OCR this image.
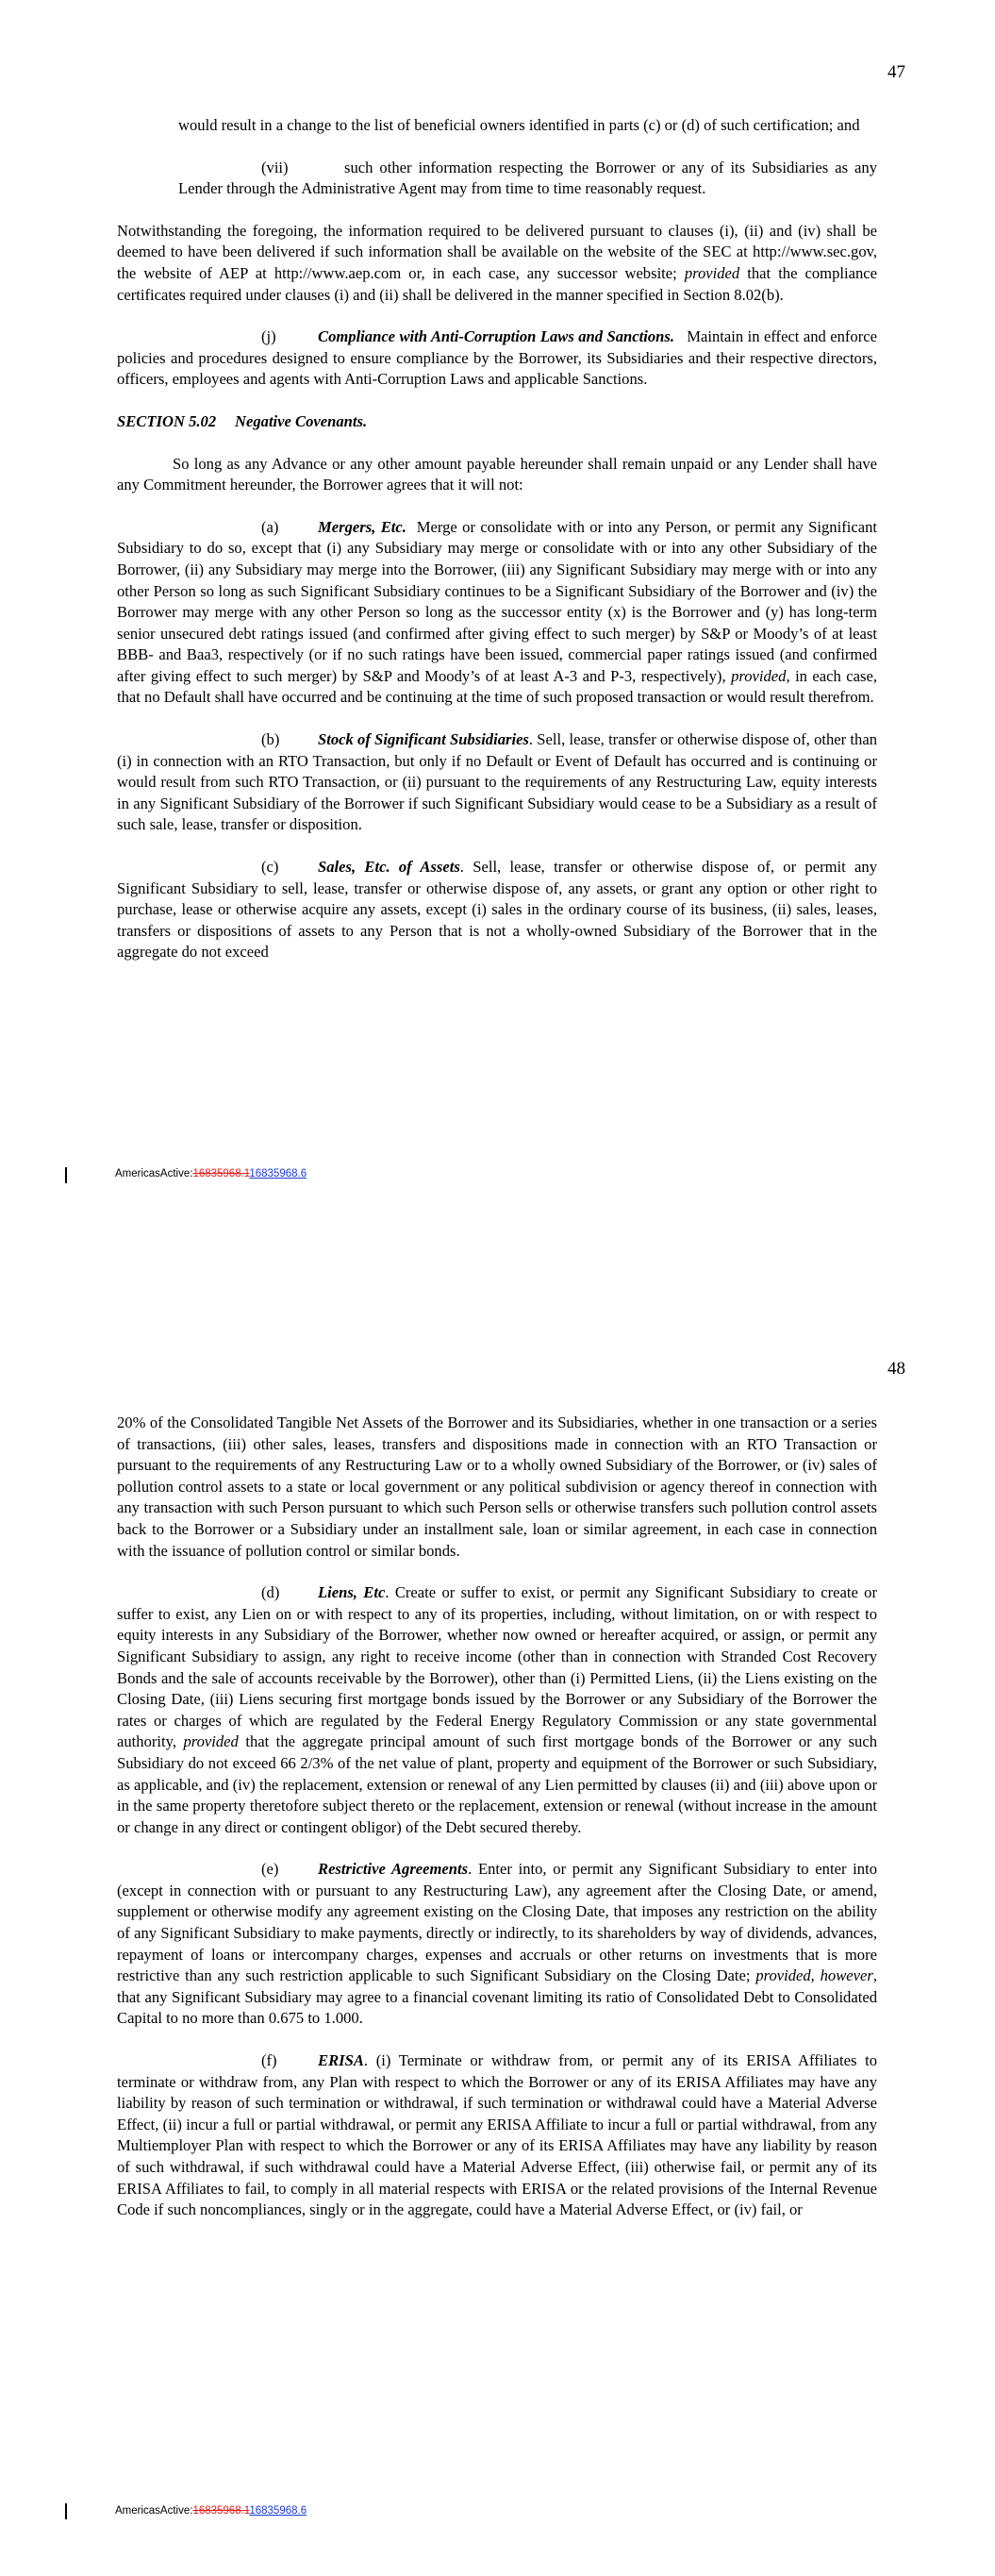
47

would result in a change to the list of beneficial owners identified in parts (c) or (d) of such certification; and

(vii)	such other information respecting the Borrower or any of its Subsidiaries as any Lender through the Administrative Agent may from time to time reasonably request.

Notwithstanding the foregoing, the information required to be delivered pursuant to clauses (i), (ii) and (iv) shall be deemed to have been delivered if such information shall be available on the website of the SEC at http://www.sec.gov, the website of AEP at http://www.aep.com or, in each case, any successor website; provided that the compliance certificates required under clauses (i) and (ii) shall be delivered in the manner specified in Section 8.02(b).

(j)	Compliance with Anti-Corruption Laws and Sanctions. Maintain in effect and enforce policies and procedures designed to ensure compliance by the Borrower, its Subsidiaries and their respective directors, officers, employees and agents with Anti-Corruption Laws and applicable Sanctions.

SECTION 5.02 Negative Covenants.

So long as any Advance or any other amount payable hereunder shall remain unpaid or any Lender shall have any Commitment hereunder, the Borrower agrees that it will not:

(a)	Mergers, Etc. Merge or consolidate with or into any Person, or permit any Significant Subsidiary to do so, except that (i) any Subsidiary may merge or consolidate with or into any other Subsidiary of the Borrower, (ii) any Subsidiary may merge into the Borrower, (iii) any Significant Subsidiary may merge with or into any other Person so long as such Significant Subsidiary continues to be a Significant Subsidiary of the Borrower and (iv) the Borrower may merge with any other Person so long as the successor entity (x) is the Borrower and (y) has long-term senior unsecured debt ratings issued (and confirmed after giving effect to such merger) by S&P or Moody’s of at least BBB- and Baa3, respectively (or if no such ratings have been issued, commercial paper ratings issued (and confirmed after giving effect to such merger) by S&P and Moody’s of at least A-3 and P-3, respectively), provided, in each case, that no Default shall have occurred and be continuing at the time of such proposed transaction or would result therefrom.

(b) Stock of Significant Subsidiaries. Sell, lease, transfer or otherwise dispose of, other than (i) in connection with an RTO Transaction, but only if no Default or Event of Default has occurred and is continuing or would result from such RTO Transaction, or (ii) pursuant to the requirements of any Restructuring Law, equity interests in any Significant Subsidiary of the Borrower if such Significant Subsidiary would cease to be a Subsidiary as a result of such sale, lease, transfer or disposition.

(c)	Sales, Etc. of Assets. Sell, lease, transfer or otherwise dispose of, or permit any Significant Subsidiary to sell, lease, transfer or otherwise dispose of, any assets, or grant any option or other right to purchase, lease or otherwise acquire any assets, except (i) sales in the ordinary course of its business, (ii) sales, leases, transfers or dispositions of assets to any Person that is not a wholly-owned Subsidiary of the Borrower that in the aggregate do not exceed

AmericasActive:16835968.116835968.6
48

20% of the Consolidated Tangible Net Assets of the Borrower and its Subsidiaries, whether in one transaction or a series of transactions, (iii) other sales, leases, transfers and dispositions made in connection with an RTO Transaction or pursuant to the requirements of any Restructuring Law or to a wholly owned Subsidiary of the Borrower, or (iv) sales of pollution control assets to a state or local government or any political subdivision or agency thereof in connection with any transaction with such Person pursuant to which such Person sells or otherwise transfers such pollution control assets back to the Borrower or a Subsidiary under an installment sale, loan or similar agreement, in each case in connection with the issuance of pollution control or similar bonds.

(d) Liens, Etc. Create or suffer to exist, or permit any Significant Subsidiary to create or suffer to exist, any Lien on or with respect to any of its properties, including, without limitation, on or with respect to equity interests in any Subsidiary of the Borrower, whether now owned or hereafter acquired, or assign, or permit any Significant Subsidiary to assign, any right to receive income (other than in connection with Stranded Cost Recovery Bonds and the sale of accounts receivable by the Borrower), other than (i) Permitted Liens, (ii) the Liens existing on the Closing Date, (iii) Liens securing first mortgage bonds issued by the Borrower or any Subsidiary of the Borrower the rates or charges of which are regulated by the Federal Energy Regulatory Commission or any state governmental authority, provided that the aggregate principal amount of such first mortgage bonds of the Borrower or any such Subsidiary do not exceed 66 2/3% of the net value of plant, property and equipment of the Borrower or such Subsidiary, as applicable, and (iv) the replacement, extension or renewal of any Lien permitted by clauses (ii) and (iii) above upon or in the same property theretofore subject thereto or the replacement, extension or renewal (without increase in the amount or change in any direct or contingent obligor) of the Debt secured thereby.

(e)	Restrictive Agreements. Enter into, or permit any Significant Subsidiary to enter into (except in connection with or pursuant to any Restructuring Law), any agreement after the Closing Date, or amend, supplement or otherwise modify any agreement existing on the Closing Date, that imposes any restriction on the ability of any Significant Subsidiary to make payments, directly or indirectly, to its shareholders by way of dividends, advances, repayment of loans or intercompany charges, expenses and accruals or other returns on investments that is more restrictive than any such restriction applicable to such Significant Subsidiary on the Closing Date; provided, however, that any Significant Subsidiary may agree to a financial covenant limiting its ratio of Consolidated Debt to Consolidated Capital to no more than 0.675 to 1.000.

(f)	ERISA. (i) Terminate or withdraw from, or permit any of its ERISA Affiliates to terminate or withdraw from, any Plan with respect to which the Borrower or any of its ERISA Affiliates may have any liability by reason of such termination or withdrawal, if such termination or withdrawal could have a Material Adverse Effect, (ii) incur a full or partial withdrawal, or permit any ERISA Affiliate to incur a full or partial withdrawal, from any Multiemployer Plan with respect to which the Borrower or any of its ERISA Affiliates may have any liability by reason of such withdrawal, if such withdrawal could have a Material Adverse Effect, (iii) otherwise fail, or permit any of its ERISA Affiliates to fail, to comply in all material respects with ERISA or the related provisions of the Internal Revenue Code if such noncompliances, singly or in the aggregate, could have a Material Adverse Effect, or (iv) fail, or

AmericasActive:16835968.116835968.6
